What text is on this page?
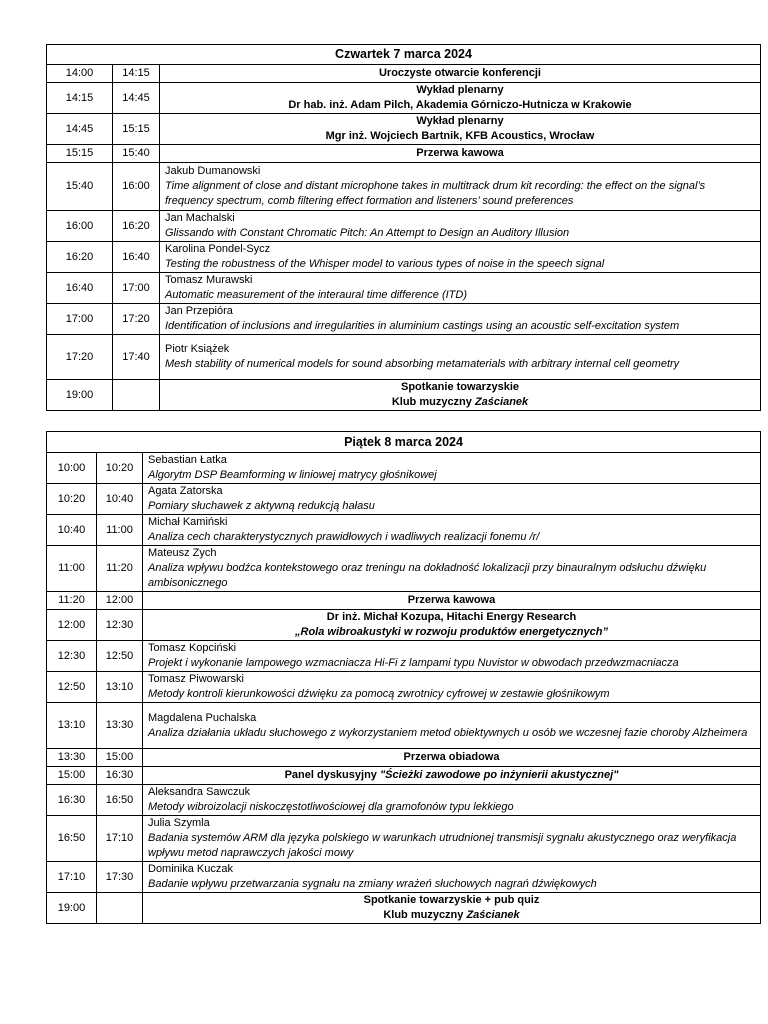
Czwartek 7 marca 2024		
14:00	14:15	Uroczyste otwarcie konferencji

14:15	14:45	Wykład plenarny
Dr hab. inż. Adam Pilch, Akademia Górniczo-Hutnicza w Krakowie

14:45	15:15	Wykład plenarny
Mgr inż. Wojciech Bartnik, KFB Acoustics, Wrocław

15:15	15:40	Przerwa kawowa

15:40	16:00	Jakub Dumanowski
Time alignment of close and distant microphone takes in multitrack drum kit recording: the effect on the signal’s frequency spectrum, comb filtering effect formation and listeners’ sound preferences

16:00	16:20	Jan Machalski
Glissando with Constant Chromatic Pitch: An Attempt to Design an Auditory Illusion

16:20	16:40	Karolina Pondel-Sycz
Testing the robustness of the Whisper model to various types of noise in the speech signal

16:40	17:00	Tomasz Murawski
Automatic measurement of the interaural time difference (ITD)

17:00	17:20	Jan Przepióra
Identification of inclusions and irregularities in aluminium castings using an acoustic self-excitation system

17:20	17:40	Piotr Książek
Mesh stability of numerical models for sound absorbing metamaterials with arbitrary internal cell geometry

19:00		Spotkanie towarzyskie
Klub muzyczny Zaścianek
Piątek 8 marca 2024		
10:00	10:20	Sebastian Łatka
Algorytm DSP Beamforming w liniowej matrycy głośnikowej

10:20	10:40	Agata Zatorska
Pomiary słuchawek z aktywną redukcją hałasu

10:40	11:00	Michał Kamiński
Analiza cech charakterystycznych prawidłowych i wadliwych realizacji fonemu /r/

11:00	11:20	Mateusz Zych
Analiza wpływu bodźca kontekstowego oraz treningu na dokładność lokalizacji przy binauralnym odsłuchu dźwięku ambisonicznego

11:20	12:00	Przerwa kawowa

12:00	12:30	Dr inż. Michał Kozupa, Hitachi Energy Research
„Rola wibroakustyki w rozwoju produktów energetycznych”

12:30	12:50	Tomasz Kopciński
Projekt i wykonanie lampowego wzmacniacza Hi-Fi z lampami typu Nuvistor w obwodach przedwzmacniacza

12:50	13:10	Tomasz Piwowarski
Metody kontroli kierunkowości dźwięku za pomocą zwrotnicy cyfrowej w zestawie głośnikowym

13:10	13:30	Magdalena Puchalska
Analiza działania układu słuchowego z wykorzystaniem metod obiektywnych u osób we wczesnej fazie choroby Alzheimera

13:30	15:00	Przerwa obiadowa

15:00	16:30	Panel dyskusyjny "Ścieżki zawodowe po inżynierii akustycznej"
16:30	16:50	Aleksandra Sawczuk
Metody wibroizolacji niskoczęstotliwościowej dla gramofonów typu lekkiego

16:50	17:10	Julia Szymla
Badania systemów ARM dla języka polskiego w warunkach utrudnionej transmisji sygnału akustycznego oraz weryfikacja wpływu metod naprawczych jakości mowy

17:10	17:30	Dominika Kuczak
Badanie wpływu przetwarzania sygnału na zmiany wrażeń słuchowych nagrań dźwiękowych

19:00		Spotkanie towarzyskie + pub quiz
Klub muzyczny Zaścianek
